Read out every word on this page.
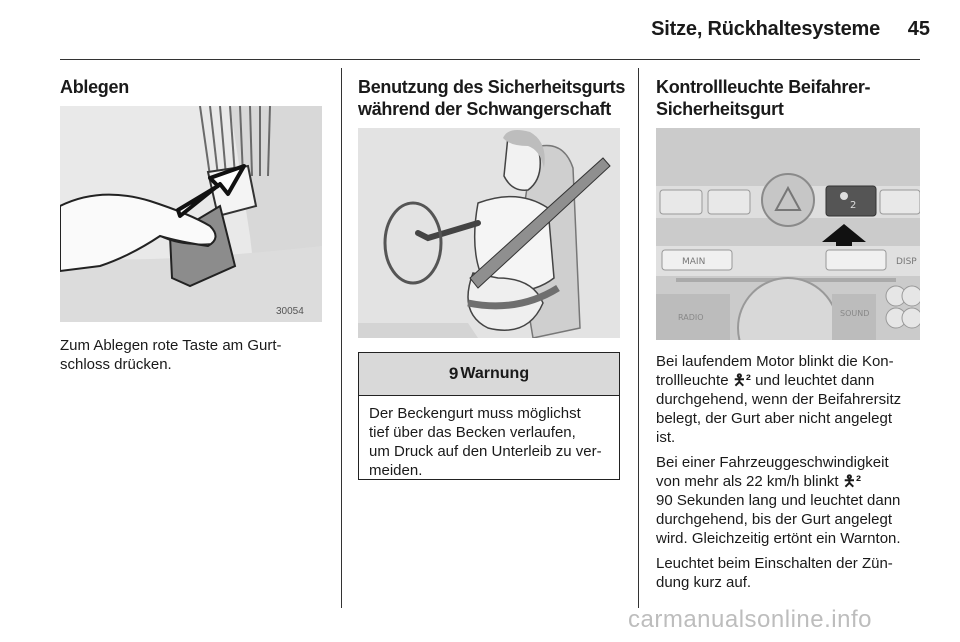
Sitze, Rückhaltesysteme	45
Ablegen
30054
Zum Ablegen rote Taste am Gurt-
schloss drücken.
Benutzung des Sicherheitsgurts
während der Schwangerschaft
9 Warnung
Der Beckengurt muss möglichst
tief über das Becken verlaufen,
um Druck auf den Unterleib zu ver-
meiden.
Kontrollleuchte Beifahrer-
Sicherheitsgurt
2
MAIN	DISP
RADIO	SOUND

Bei laufendem Motor blinkt die Kon-
trollleuchte 🯅² und leuchtet dann
durchgehend, wenn der Beifahrersitz
belegt, der Gurt aber nicht angelegt
ist.

Bei einer Fahrzeuggeschwindigkeit
von mehr als 22 km/h blinkt 🯅²
90 Sekunden lang und leuchtet dann
durchgehend, bis der Gurt angelegt
wird. Gleichzeitig ertönt ein Warnton.

Leuchtet beim Einschalten der Zün-
dung kurz auf.

carmanualsonline.info
